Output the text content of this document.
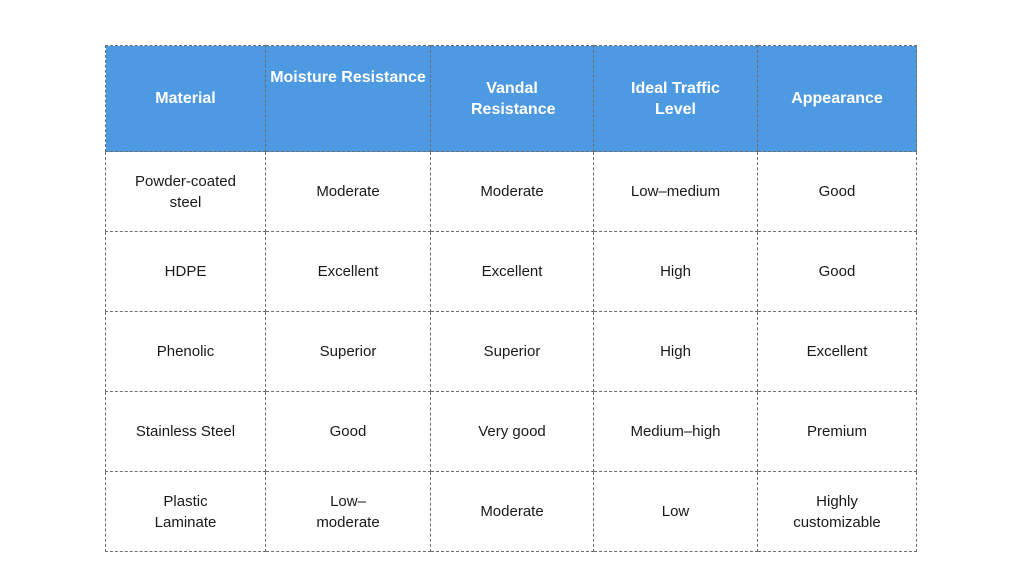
Material	Moisture Resistance	Vandal Resistance	Ideal Traffic Level	Appearance
Powder-coated steel	Moderate	Moderate	Low–medium	Good
HDPE	Excellent	Excellent	High	Good
Phenolic	Superior	Superior	High	Excellent
Stainless Steel	Good	Very good	Medium–high	Premium
Plastic Laminate	Low–moderate	Moderate	Low	Highly customizable
